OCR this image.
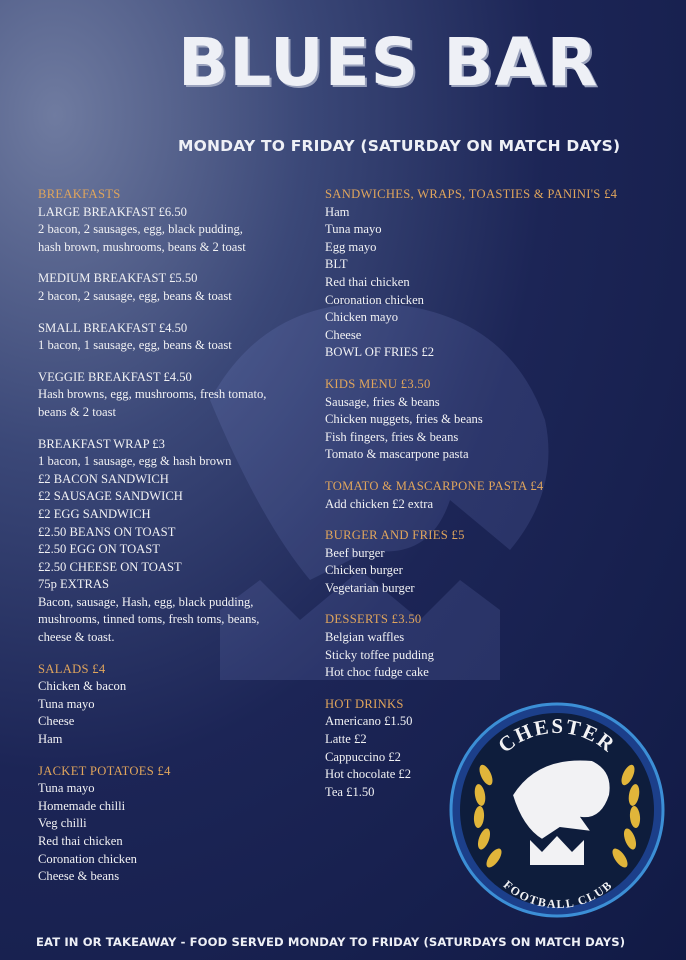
BLUES BAR

MONDAY TO FRIDAY (SATURDAY ON MATCH DAYS)

BREAKFASTS
LARGE BREAKFAST £6.50
2 bacon, 2 sausages, egg, black pudding,
hash brown, mushrooms, beans & 2 toast
MEDIUM BREAKFAST £5.50
2 bacon, 2 sausage, egg, beans & toast
SMALL BREAKFAST £4.50
1 bacon, 1 sausage, egg, beans & toast
VEGGIE BREAKFAST £4.50
Hash browns, egg, mushrooms, fresh tomato,
beans & 2 toast
BREAKFAST WRAP £3
1 bacon, 1 sausage, egg & hash brown
£2 BACON SANDWICH
£2 SAUSAGE SANDWICH
£2 EGG SANDWICH
£2.50 BEANS ON TOAST
£2.50 EGG ON TOAST
£2.50 CHEESE ON TOAST
75p EXTRAS
Bacon, sausage, Hash, egg, black pudding,
mushrooms, tinned toms, fresh toms, beans,
cheese & toast.
SALADS £4
Chicken & bacon
Tuna mayo
Cheese
Ham
JACKET POTATOES £4
Tuna mayo
Homemade chilli
Veg chilli
Red thai chicken
Coronation chicken
Cheese & beans
SANDWICHES, WRAPS, TOASTIES & PANINI'S £4
Ham
Tuna mayo
Egg mayo
BLT
Red thai chicken
Coronation chicken
Chicken mayo
Cheese
BOWL OF FRIES £2
KIDS MENU £3.50
Sausage, fries & beans
Chicken nuggets, fries & beans
Fish fingers, fries & beans
Tomato & mascarpone pasta
TOMATO & MASCARPONE PASTA £4
Add chicken £2 extra
BURGER AND FRIES £5
Beef burger
Chicken burger
Vegetarian burger
DESSERTS £3.50
Belgian waffles
Sticky toffee pudding
Hot choc fudge cake
HOT DRINKS
Americano £1.50
Latte £2
Cappuccino £2
Hot chocolate £2
Tea £1.50
CHESTER
FOOTBALL CLUB

EAT IN OR TAKEAWAY - FOOD SERVED MONDAY TO FRIDAY (SATURDAYS ON MATCH DAYS)
